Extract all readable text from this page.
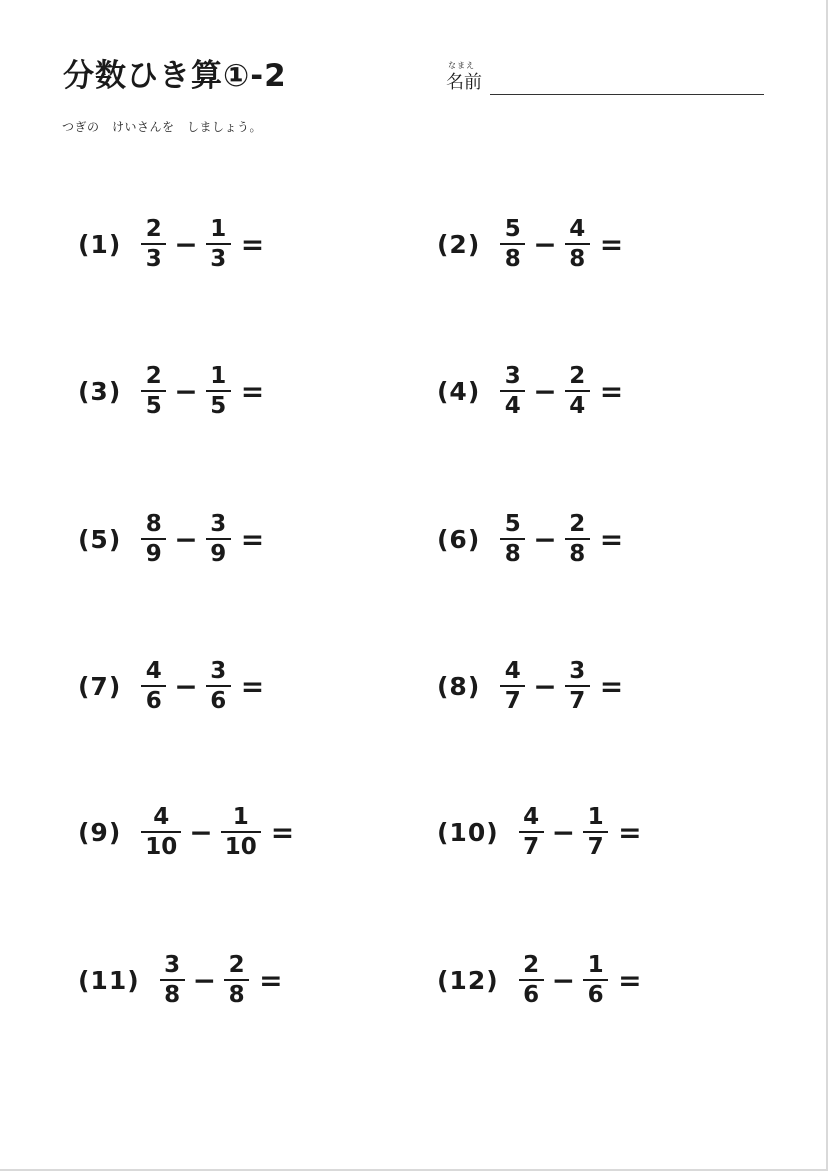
分数ひき算①-2	なまえ
名前
つぎの　けいさんを　しましょう。
$(1) \frac{2}{3} - \frac{1}{3}$ =	$(2) \frac{5}{8} - \frac{4}{8}$ =
$(3) \frac{2}{5} - \frac{1}{5}$ =	$(4) \frac{3}{4} - \frac{2}{4}$ =
$(5) \frac{8}{9} - \frac{3}{9}$ =	$(6) \frac{5}{8} - \frac{2}{8}$ =
$(7) \frac{4}{6} - \frac{3}{6}$ =	$(8) \frac{4}{7} - \frac{3}{7}$ =
$(9) \frac{4}{10} - \frac{1}{10}$ =	$(10) \frac{4}{7} - \frac{1}{7}$ =
$(11) \frac{3}{8} - \frac{2}{8}$ =	$(12) \frac{2}{6} - \frac{1}{6}$ =
